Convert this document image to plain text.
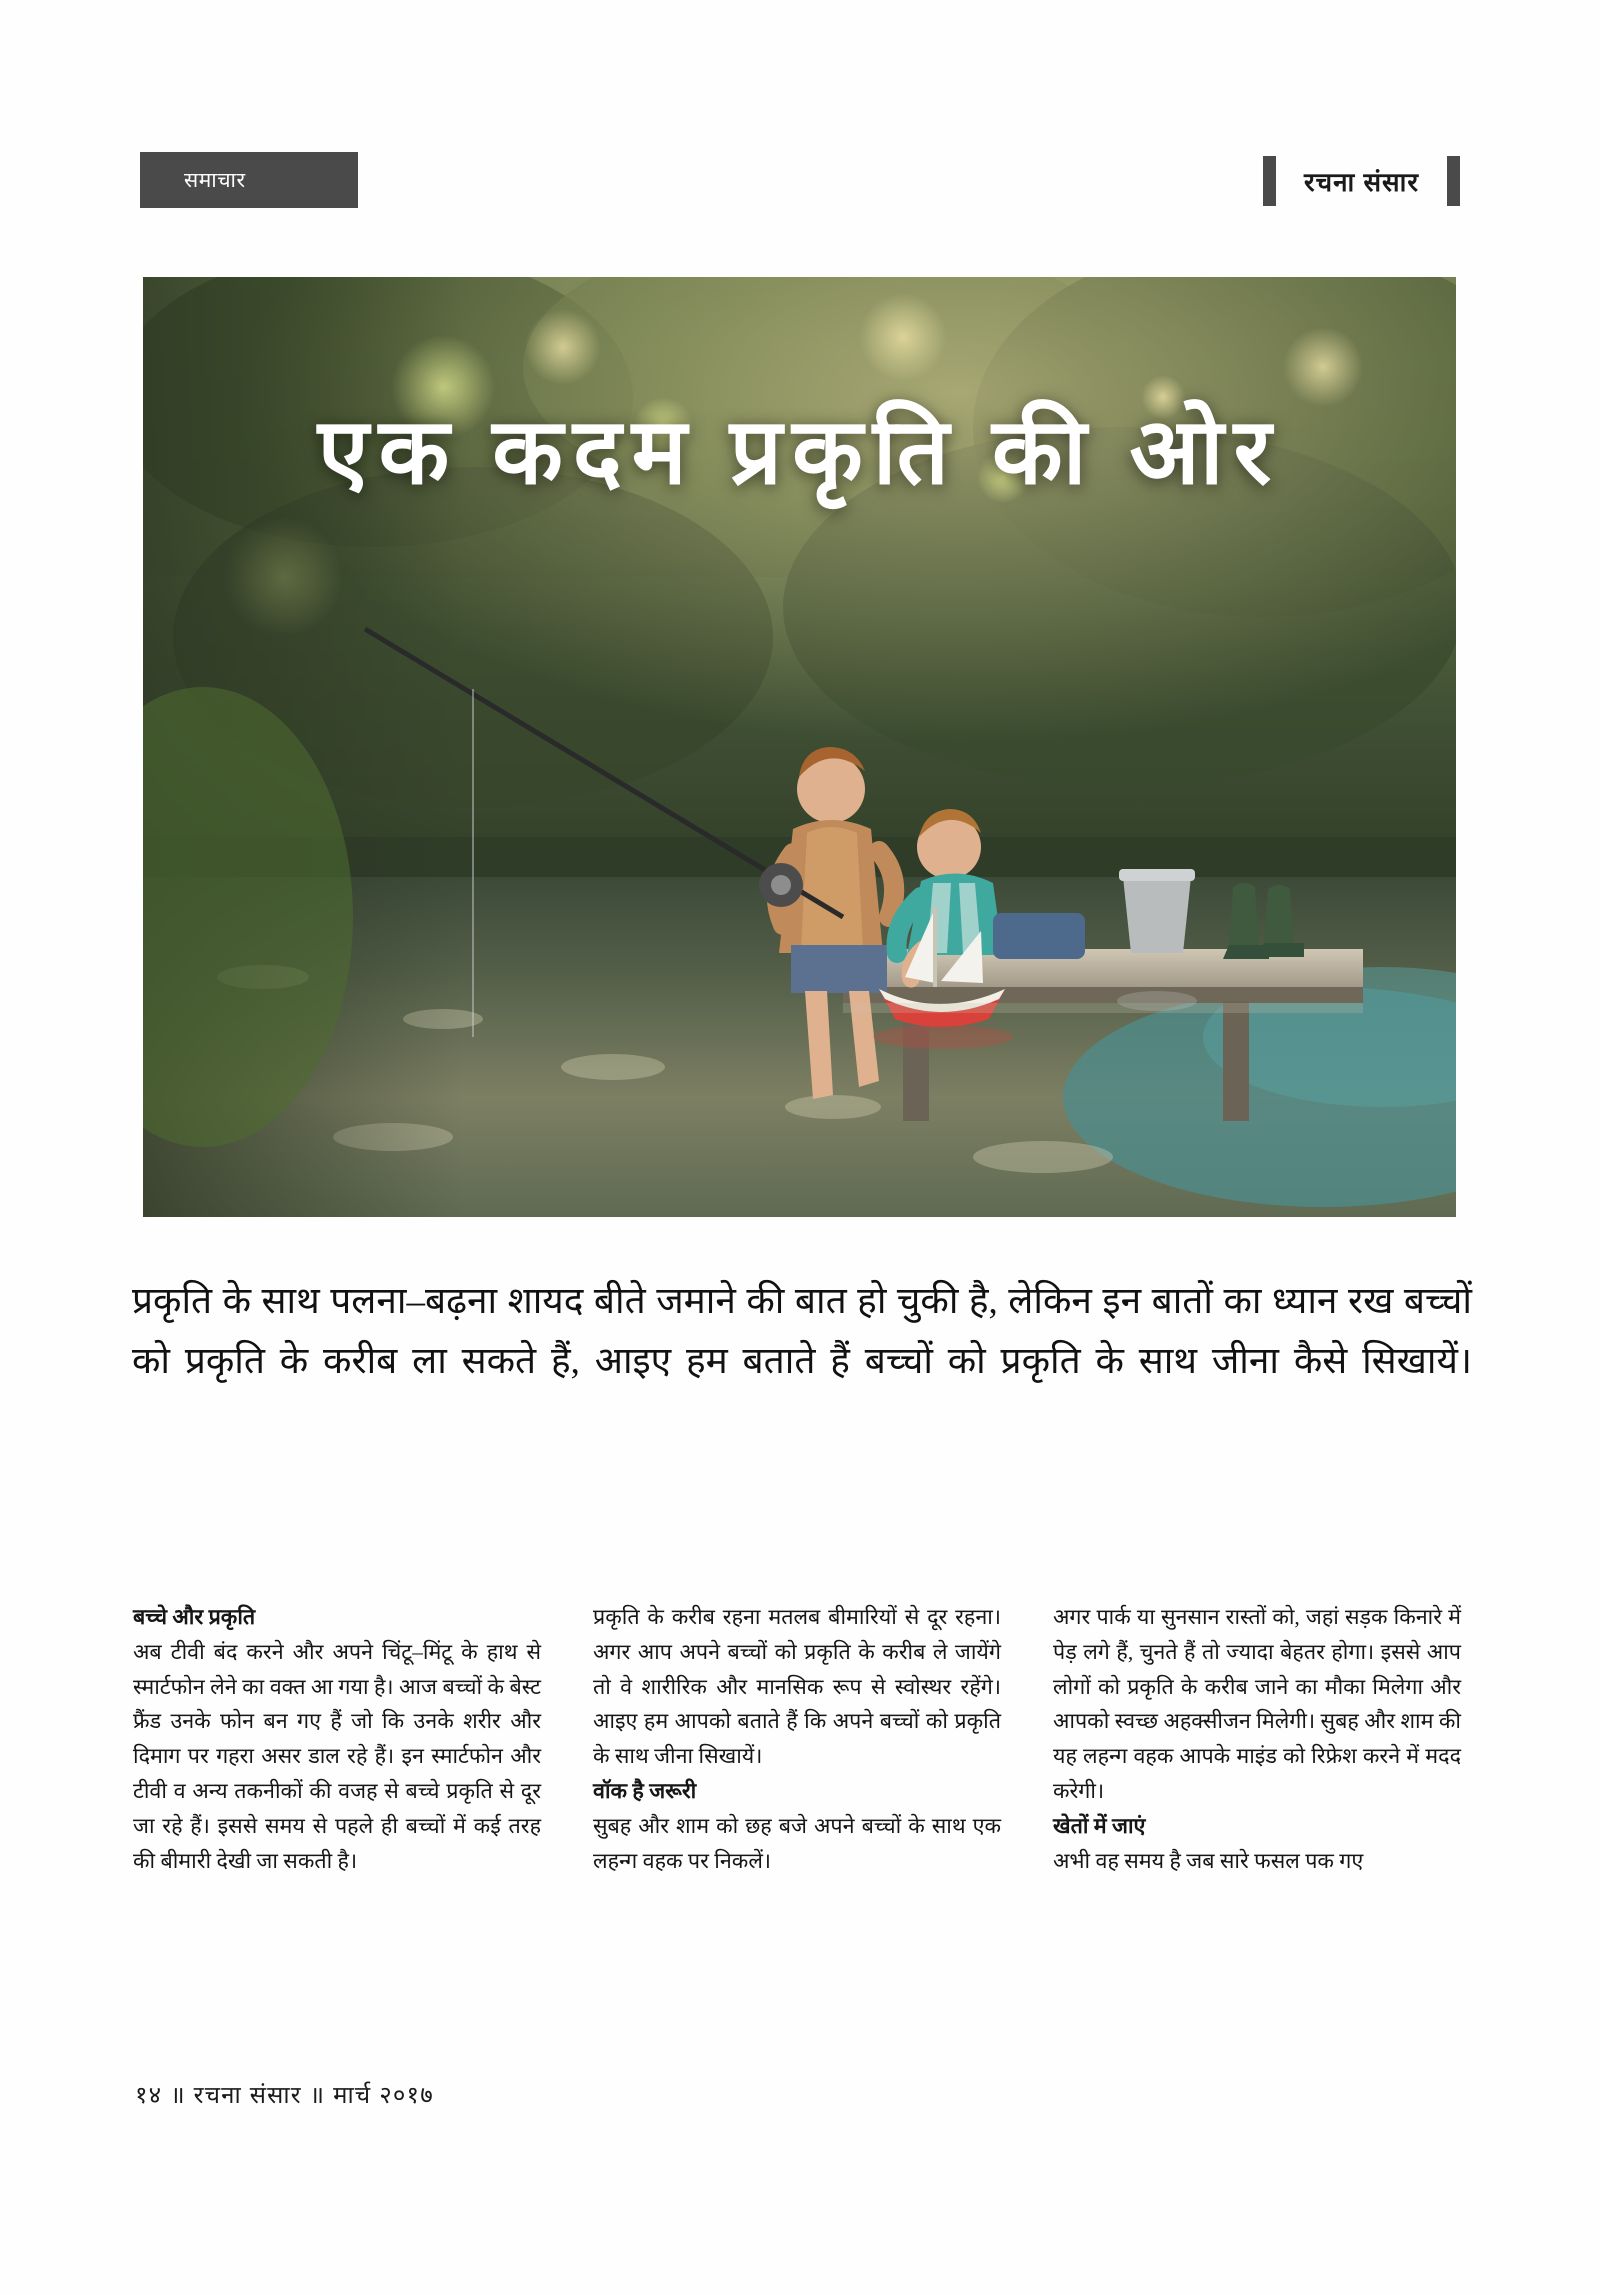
समाचार	रचना संसार
एक कदम प्रकृति की ओर
प्रकृति के साथ पलना–बढ़ना शायद बीते जमाने की बात हो चुकी है, लेकिन इन बातों का ध्यान रख बच्चों को प्रकृति के करीब ला सकते हैं, आइए हम बताते हैं बच्चों को प्रकृति के साथ जीना कैसे सिखायें।

बच्चे और प्रकृति

अब टीवी बंद करने और अपने चिंटू–मिंटू के हाथ से स्मार्टफोन लेने का वक्त आ गया है। आज बच्चों के बेस्ट फ्रैंड उनके फोन बन गए हैं जो कि उनके शरीर और दिमाग पर गहरा असर डाल रहे हैं। इन स्मार्टफोन और टीवी व अन्य तकनीकों की वजह से बच्चे प्रकृति से दूर जा रहे हैं। इससे समय से पहले ही बच्चों में कई तरह की बीमारी देखी जा सकती है।

प्रकृति के करीब रहना मतलब बीमारियों से दूर रहना। अगर आप अपने बच्चों को प्रकृति के करीब ले जायेंगे तो वे शारीरिक और मानसिक रूप से स्वोस्थर रहेंगे। आइए हम आपको बताते हैं कि अपने बच्चों को प्रकृति के साथ जीना सिखायें।

वॉक है जरूरी

सुबह और शाम को छह बजे अपने बच्चों के साथ एक लहन्ग वहक पर निकलें।

अगर पार्क या सुनसान रास्तों को, जहां सड़क किनारे में पेड़ लगे हैं, चुनते हैं तो ज्यादा बेहतर होगा। इससे आप लोगों को प्रकृति के करीब जाने का मौका मिलेगा और आपको स्वच्छ अहक्सीजन मिलेगी। सुबह और शाम की यह लहन्ग वहक आपके माइंड को रिफ्रेश करने में मदद करेगी।

खेतों में जाएं

अभी वह समय है जब सारे फसल पक गए

१४ ॥ रचना संसार ॥ मार्च २०१७
